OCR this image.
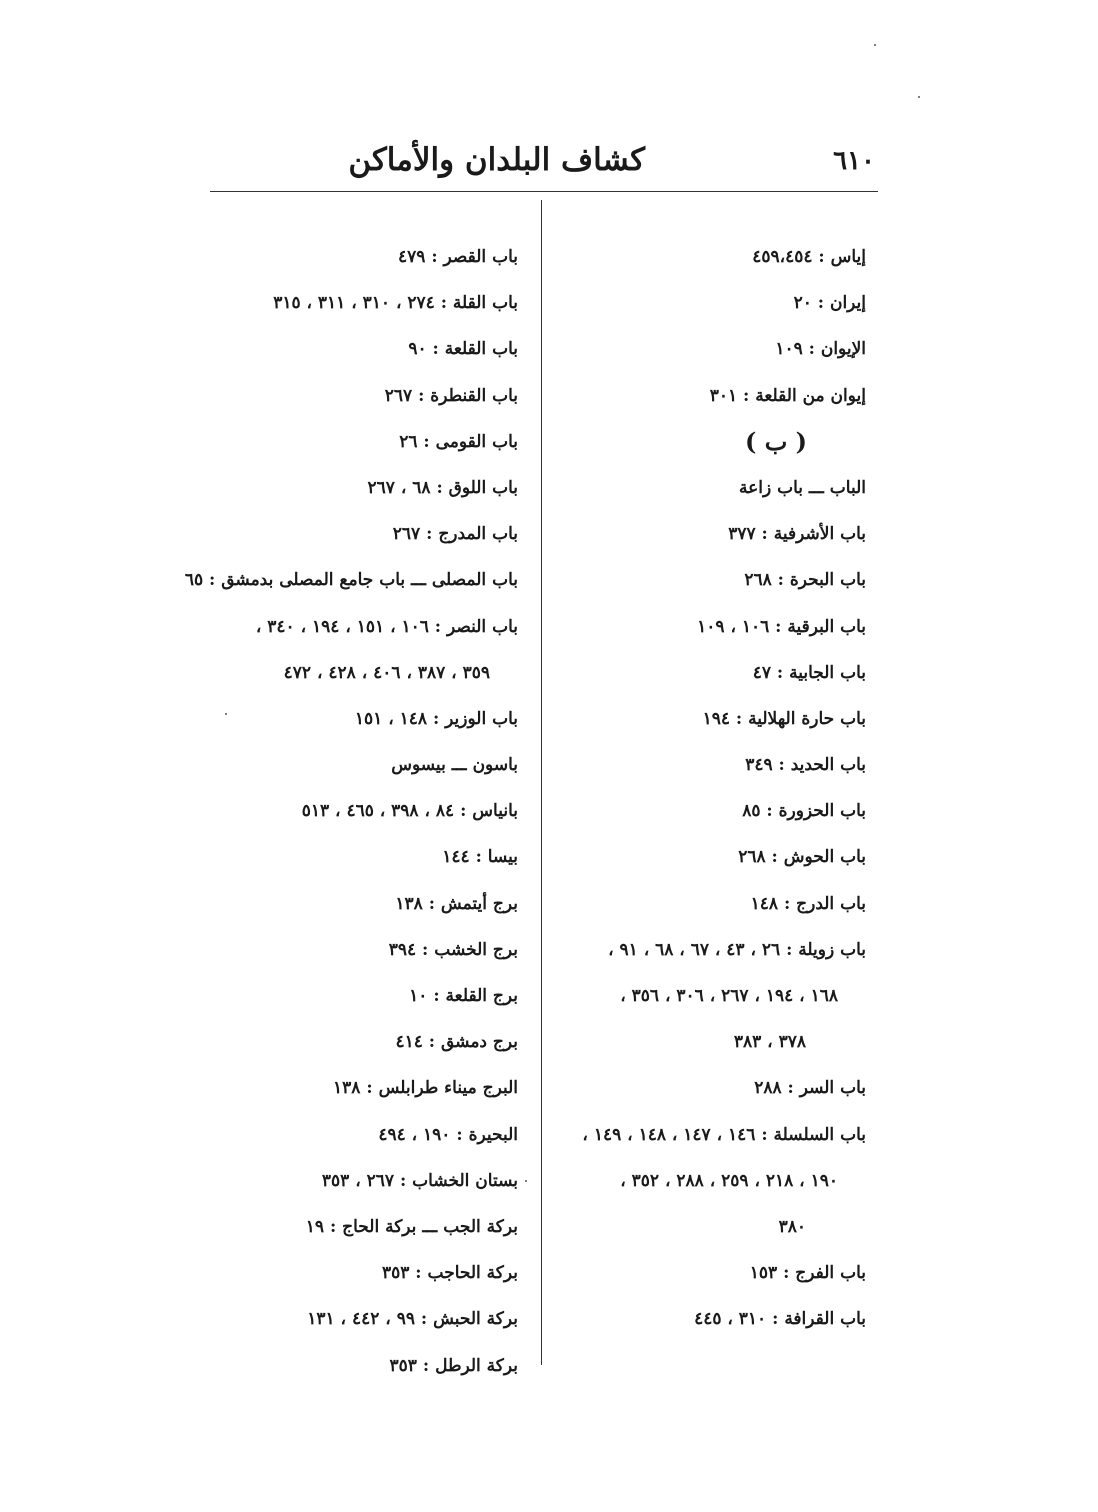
٦١٠
كشاف البلدان والأماكن
إياس : ٤٥٩،٤٥٤
إيران : ٢٠
الإيوان : ١٠٩
إيوان من القلعة : ٣٠١
( ب )
الباب ـــ باب زاعة
باب الأشرفية : ٣٧٧
باب البحرة : ٢٦٨
باب البرقية : ١٠٦ ، ١٠٩
باب الجابية : ٤٧
باب حارة الهلالية : ١٩٤
باب الحديد : ٣٤٩
باب الحزورة : ٨٥
باب الحوش : ٢٦٨
باب الدرج : ١٤٨
باب زويلة : ٢٦ ، ٤٣ ، ٦٧ ، ٦٨ ، ٩١ ،
١٦٨ ، ١٩٤ ، ٢٦٧ ، ٣٠٦ ، ٣٥٦ ،
٣٧٨ ، ٣٨٣
باب السر : ٢٨٨
باب السلسلة : ١٤٦ ، ١٤٧ ، ١٤٨ ، ١٤٩ ،
١٩٠ ، ٢١٨ ، ٢٥٩ ، ٢٨٨ ، ٣٥٢ ،
٣٨٠
باب الفرج : ١٥٣
باب القرافة : ٣١٠ ، ٤٤٥
باب القصر : ٤٧٩
باب القلة : ٢٧٤ ، ٣١٠ ، ٣١١ ، ٣١٥
باب القلعة : ٩٠
باب القنطرة : ٢٦٧
باب القومى : ٢٦
باب اللوق : ٦٨ ، ٢٦٧
باب المدرج : ٢٦٧
باب المصلى ـــ باب جامع المصلى بدمشق : ٦٥
باب النصر : ١٠٦ ، ١٥١ ، ١٩٤ ، ٣٤٠ ،
٣٥٩ ، ٣٨٧ ، ٤٠٦ ، ٤٢٨ ، ٤٧٢
باب الوزير : ١٤٨ ، ١٥١
باسون ـــ بيسوس
بانياس : ٨٤ ، ٣٩٨ ، ٤٦٥ ، ٥١٣
بيسا : ١٤٤
برج أيتمش : ١٣٨
برج الخشب : ٣٩٤
برج القلعة : ١٠
برج دمشق : ٤١٤
البرج ميناء طرابلس : ١٣٨
البحيرة : ١٩٠ ، ٤٩٤
بستان الخشاب : ٢٦٧ ، ٣٥٣
بركة الجب ـــ بركة الحاج : ١٩
بركة الحاجب : ٣٥٣
بركة الحبش : ٩٩ ، ٤٤٢ ، ١٣١
بركة الرطل : ٣٥٣
